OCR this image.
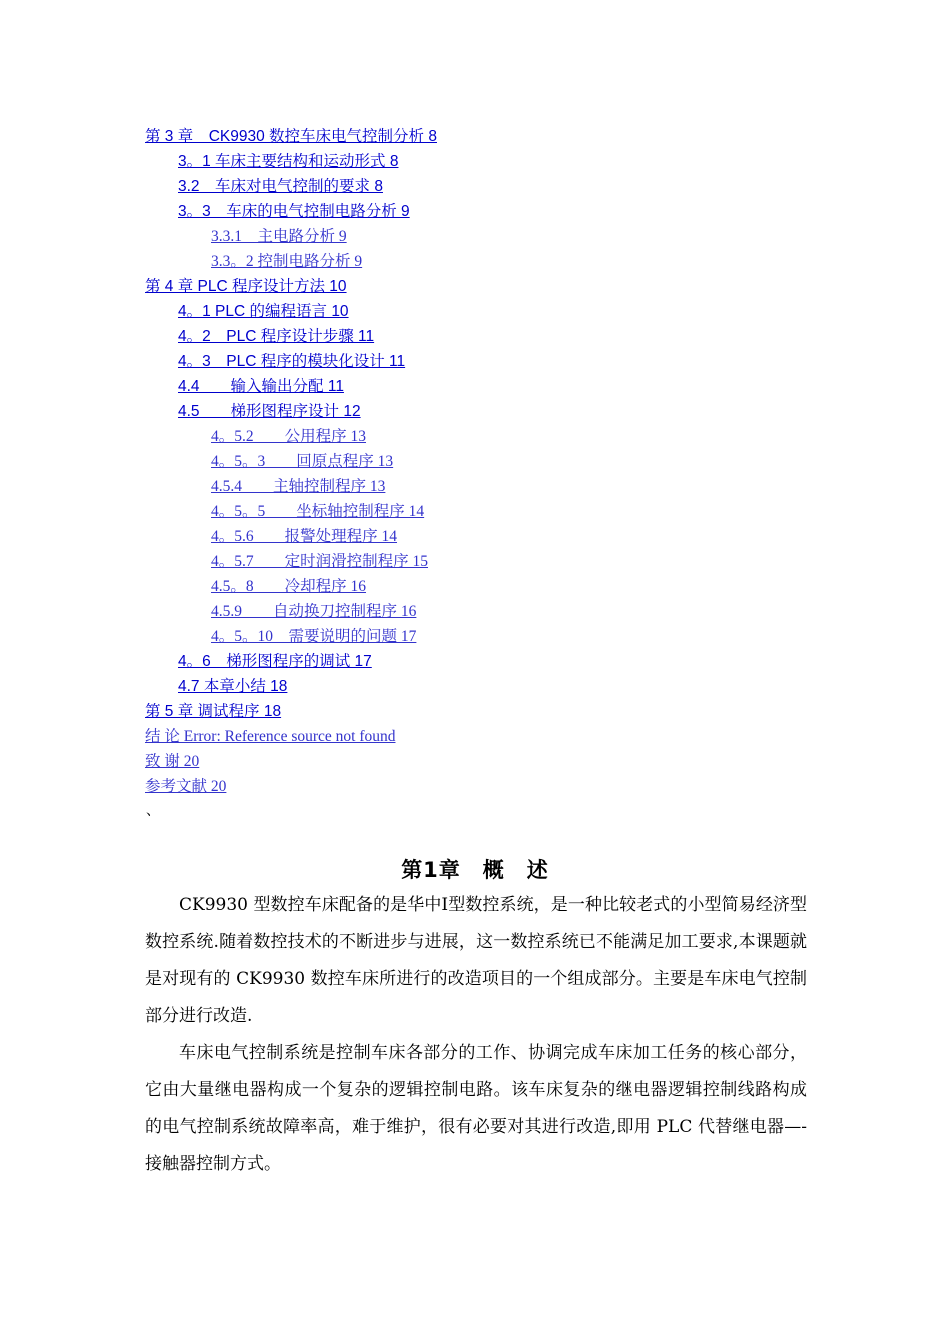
第 3 章　CK9930 数控车床电气控制分析 8
3。1 车床主要结构和运动形式 8
3.2　车床对电气控制的要求 8
3。3　车床的电气控制电路分析 9
3.3.1　主电路分析 9
3.3。2 控制电路分析 9
第 4 章 PLC 程序设计方法 10
4。1 PLC 的编程语言 10
4。2　PLC 程序设计步骤 11
4。3　PLC 程序的模块化设计 11
4.4　　输入输出分配 11
4.5　　梯形图程序设计 12
4。5.2　　公用程序 13
4。5。3　　回原点程序 13
4.5.4　　主轴控制程序 13
4。5。5　　坐标轴控制程序 14
4。5.6　　报警处理程序 14
4。5.7　　定时润滑控制程序 15
4.5。8　　冷却程序 16
4.5.9　　自动换刀控制程序 16
4。5。10　需要说明的问题 17
4。6　梯形图程序的调试 17
4.7 本章小结 18
第 5 章 调试程序 18
结 论 Error: Reference source not found
致 谢 20
参考文献 20
、
第1章　概　述

CK9930 型数控车床配备的是华中Ⅰ型数控系统，是一种比较老式的小型简易经济型数控系统.随着数控技术的不断进步与进展，这一数控系统已不能满足加工要求,本课题就是对现有的 CK9930 数控车床所进行的改造项目的一个组成部分。主要是车床电气控制部分进行改造.

车床电气控制系统是控制车床各部分的工作、协调完成车床加工任务的核心部分，它由大量继电器构成一个复杂的逻辑控制电路。该车床复杂的继电器逻辑控制线路构成的电气控制系统故障率高，难于维护，很有必要对其进行改造,即用 PLC 代替继电器—-接触器控制方式。
